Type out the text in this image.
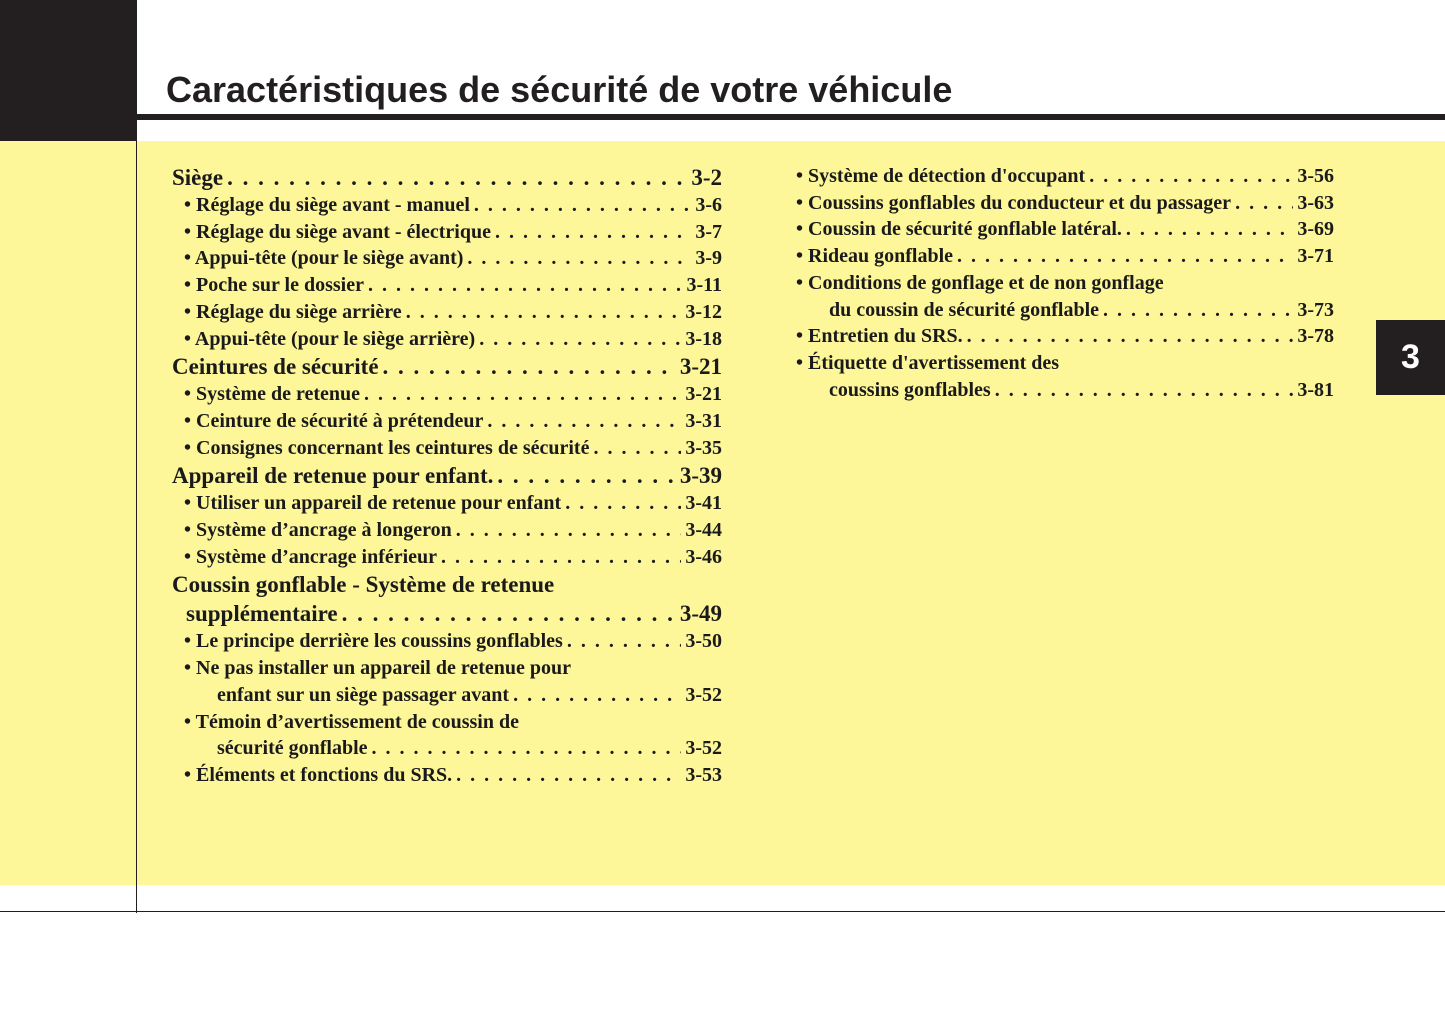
Caractéristiques de sécurité de votre véhicule
3
Siège . . .	3-2
• Réglage du siège avant - manuel . . .	3-6
• Réglage du siège avant - électrique . . .	3-7
• Appui-tête (pour le siège avant) . . .	3-9
• Poche sur le dossier . . .	3-11
• Réglage du siège arrière . . .	3-12
• Appui-tête (pour le siège arrière) . . .	3-18
Ceintures de sécurité . . .	3-21
• Système de retenue . . .	3-21
• Ceinture de sécurité à prétendeur . . .	3-31
• Consignes concernant les ceintures de sécurité . . .	3-35
Appareil de retenue pour enfant. . . .	3-39
• Utiliser un appareil de retenue pour enfant . . .	3-41
• Système d’ancrage à longeron . . .	3-44
• Système d’ancrage inférieur . . .	3-46
Coussin gonflable - Système de retenue
supplémentaire . . .	3-49
• Le principe derrière les coussins gonflables . . .	3-50
• Ne pas installer un appareil de retenue pour
enfant sur un siège passager avant . . .	3-52
• Témoin d’avertissement de coussin de
sécurité gonflable . . .	3-52
• Éléments et fonctions du SRS. . . .	3-53
• Système de détection d'occupant . . .	3-56
• Coussins gonflables du conducteur et du passager . . .	3-63
• Coussin de sécurité gonflable latéral. . . .	3-69
• Rideau gonflable . . .	3-71
• Conditions de gonflage et de non gonflage
du coussin de sécurité gonflable . . .	3-73
• Entretien du SRS. . . .	3-78
• Étiquette d'avertissement des
coussins gonflables . . .	3-81
